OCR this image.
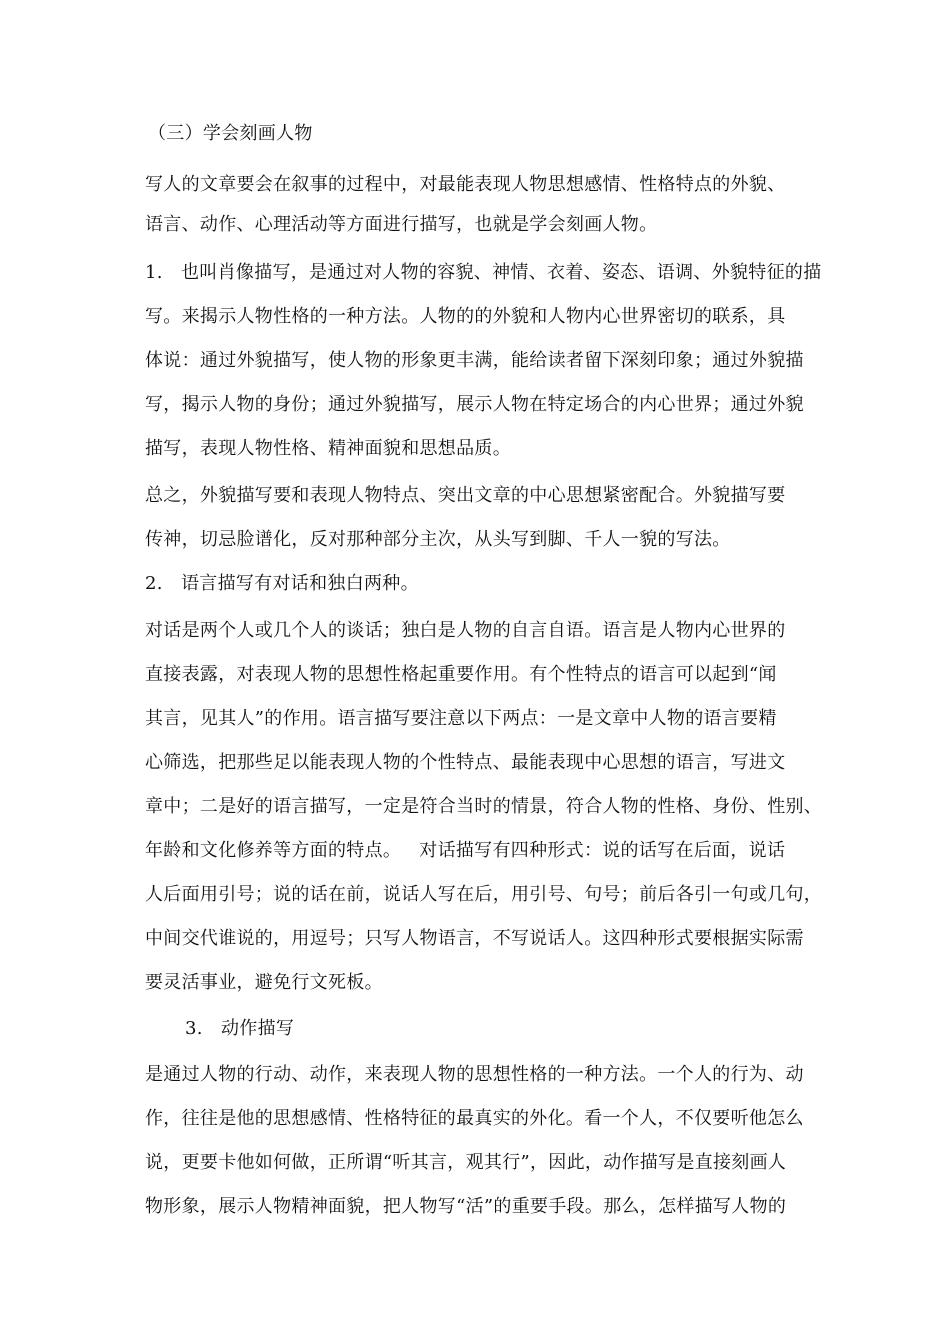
（三）学会刻画人物
写人的文章要会在叙事的过程中，对最能表现人物思想感情、性格特点的外貌、
语言、动作、心理活动等方面进行描写，也就是学会刻画人物。
1. 也叫肖像描写，是通过对人物的容貌、神情、衣着、姿态、语调、外貌特征的描
写。来揭示人物性格的一种方法。人物的的外貌和人物内心世界密切的联系，具
体说：通过外貌描写，使人物的形象更丰满，能给读者留下深刻印象；通过外貌描
写，揭示人物的身份；通过外貌描写，展示人物在特定场合的内心世界；通过外貌
描写，表现人物性格、精神面貌和思想品质。
总之，外貌描写要和表现人物特点、突出文章的中心思想紧密配合。外貌描写要
传神，切忌脸谱化，反对那种部分主次，从头写到脚、千人一貌的写法。
2. 语言描写有对话和独白两种。
对话是两个人或几个人的谈话；独白是人物的自言自语。语言是人物内心世界的
直接表露，对表现人物的思想性格起重要作用。有个性特点的语言可以起到“闻
其言，见其人”的作用。语言描写要注意以下两点：一是文章中人物的语言要精
心筛选，把那些足以能表现人物的个性特点、最能表现中心思想的语言，写进文
章中；二是好的语言描写，一定是符合当时的情景，符合人物的性格、身份、性别、
年龄和文化修养等方面的特点。   对话描写有四种形式：说的话写在后面，说话
人后面用引号；说的话在前，说话人写在后，用引号、句号；前后各引一句或几句，
中间交代谁说的，用逗号；只写人物语言，不写说话人。这四种形式要根据实际需
要灵活事业，避免行文死板。
3. 动作描写
是通过人物的行动、动作，来表现人物的思想性格的一种方法。一个人的行为、动
作，往往是他的思想感情、性格特征的最真实的外化。看一个人，不仅要听他怎么
说，更要卡他如何做，正所谓“听其言，观其行”，因此，动作描写是直接刻画人
物形象，展示人物精神面貌，把人物写“活”的重要手段。那么，怎样描写人物的
